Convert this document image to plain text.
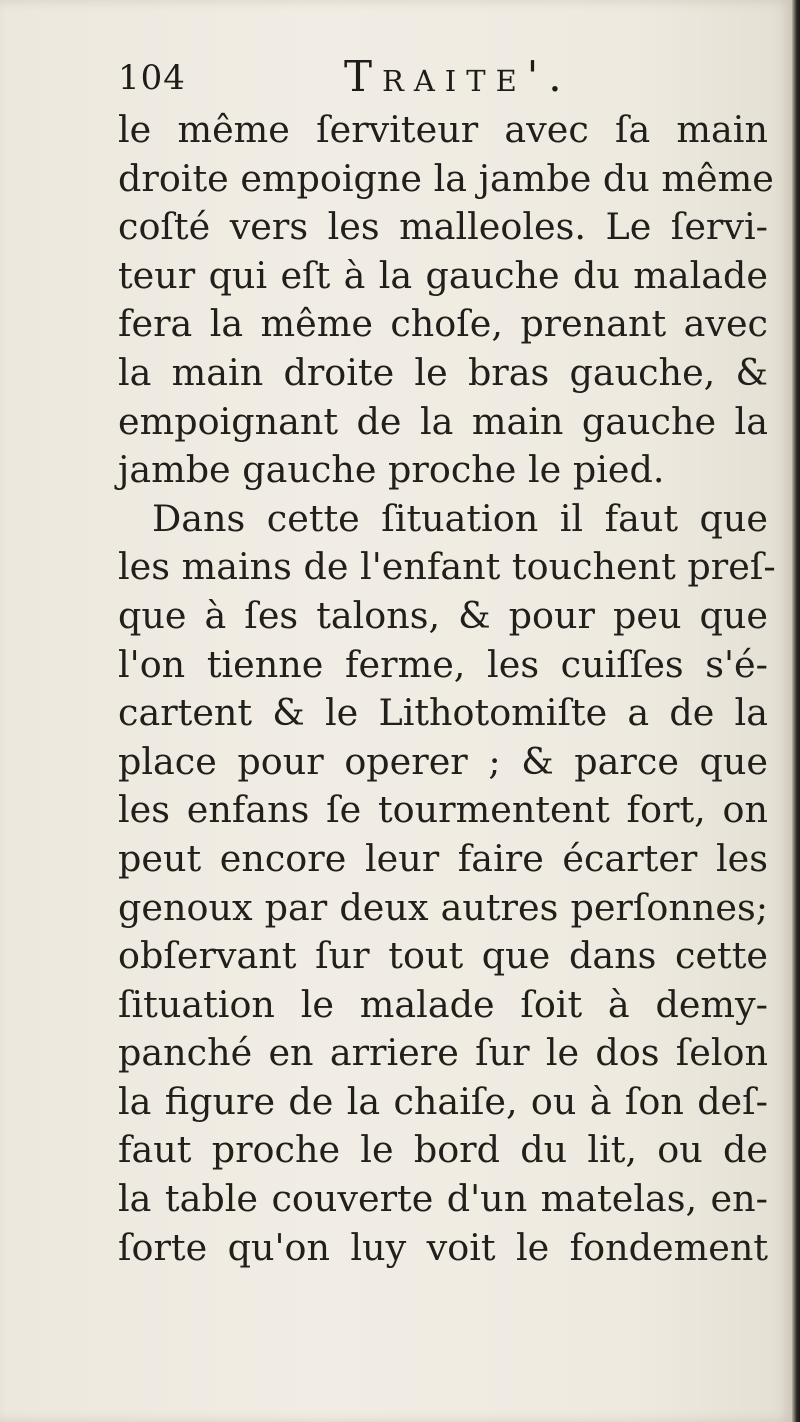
104	Traite'.
le même ſerviteur avec ſa main
droite empoigne la jambe du même
coſté vers les malleoles. Le ſervi-
teur qui eſt à la gauche du malade
fera la même choſe, prenant avec
la main droite le bras gauche, &
empoignant de la main gauche la
jambe gauche proche le pied.
Dans cette ſituation il faut que
les mains de l'enfant touchent preſ-
que à ſes talons, & pour peu que
l'on tienne ferme, les cuiſſes s'é-
cartent & le Lithotomiſte a de la
place pour operer ; & parce que
les enfans ſe tourmentent fort, on
peut encore leur faire écarter les
genoux par deux autres perſonnes;
obſervant ſur tout que dans cette
ſituation le malade ſoit à demy-
panché en arriere ſur le dos ſelon
la figure de la chaiſe, ou à ſon deſ-
faut proche le bord du lit, ou de
la table couverte d'un matelas, en-
ſorte qu'on luy voit le fondement
